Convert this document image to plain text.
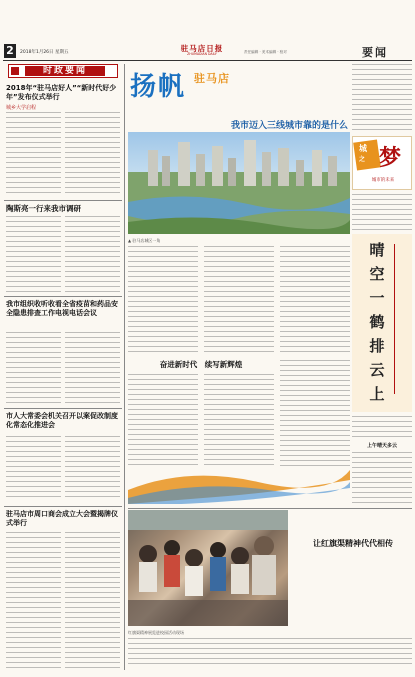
2	2018年1月26日 星期五	驻马店日报
ZHUMADIAN DAILY	责任编辑 · 美术编辑 · 校对	要闻
时政要闻
2018年“驻马店好人”“新时代好少年”发布仪式举行
城乡大学启程
陶斯亮一行来我市调研
我市组织收听收看全省疫苗和药品安全隐患排查工作电视电话会议
市人大常委会机关召开以案促改制度化常态化推进会
驻马店市周口商会成立大会暨揭牌仪式举行
扬帆 驻马店
我市迈入三线城市靠的是什么
▲ 驻马店城区一角
奋进新时代　续写新辉煌
城
之 梦
城市的未来
晴空一鹤排云上
上午晴天多云
让红旗渠精神代代相传
红旗渠精神展览进校园活动现场
